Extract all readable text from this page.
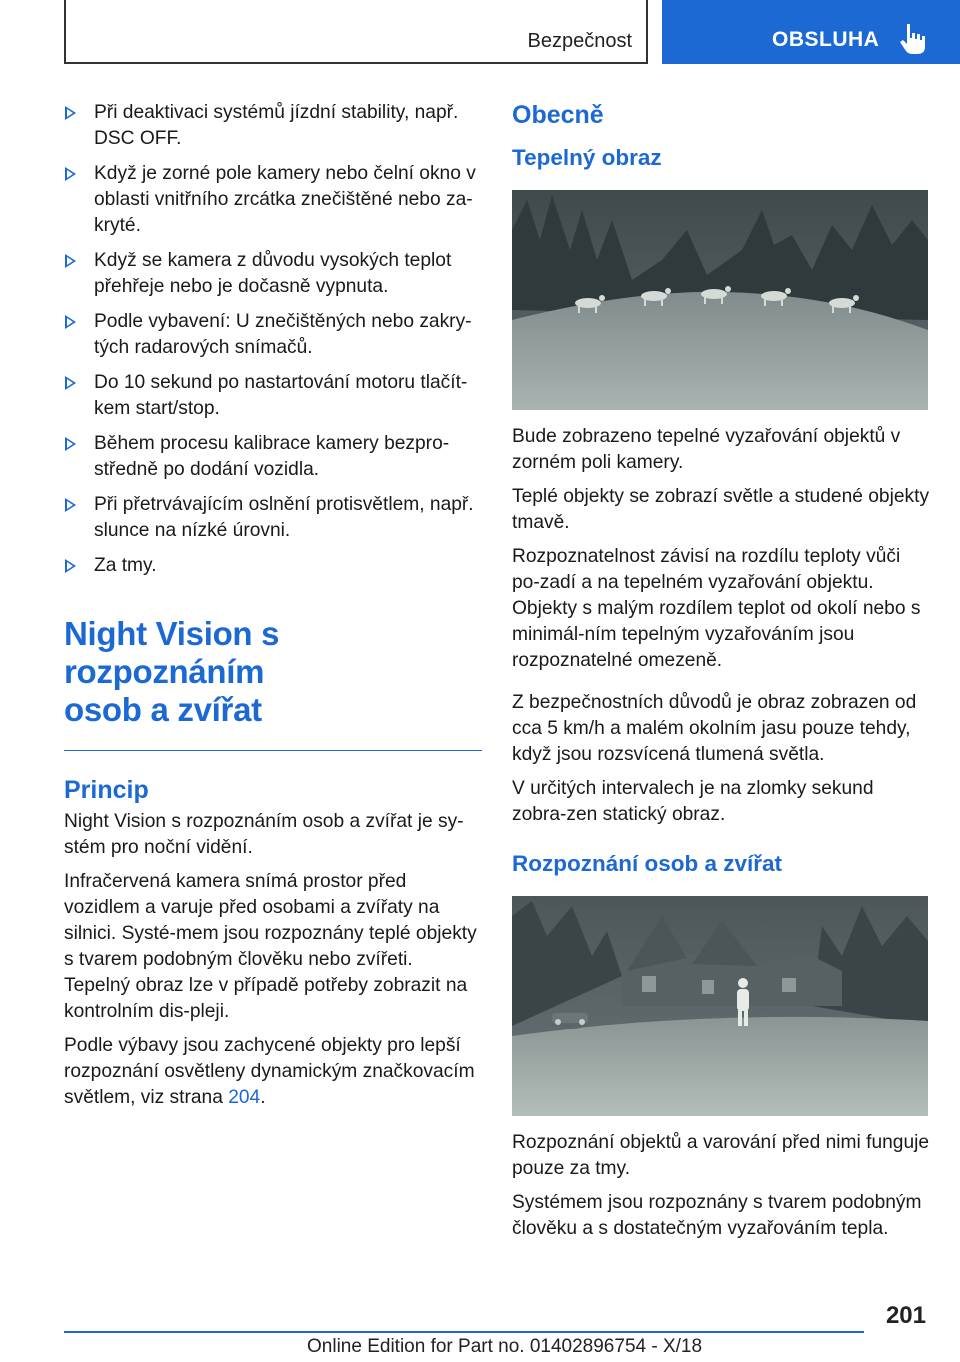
Bezpečnost	OBSLUHA
Při deaktivaci systémů jízdní stability, např. DSC OFF.
Když je zorné pole kamery nebo čelní okno v oblasti vnitřního zrcátka znečištěné nebo za-kryté.
Když se kamera z důvodu vysokých teplot přehřeje nebo je dočasně vypnuta.
Podle vybavení: U znečištěných nebo zakry-tých radarových snímačů.
Do 10 sekund po nastartování motoru tlačít-kem start/stop.
Během procesu kalibrace kamery bezpro-středně po dodání vozidla.
Při přetrvávajícím oslnění protisvětlem, např. slunce na nízké úrovni.
Za tmy.
Night Vision s rozpoznáním
osob a zvířat
Princip

Night Vision s rozpoznáním osob a zvířat je sy-stém pro noční vidění.

Infračervená kamera snímá prostor před vozidlem a varuje před osobami a zvířaty na silnici. Systé-mem jsou rozpoznány teplé objekty s tvarem podobným člověku nebo zvířeti. Tepelný obraz lze v případě potřeby zobrazit na kontrolním dis-pleji.

Podle výbavy jsou zachycené objekty pro lepší rozpoznání osvětleny dynamickým značkovacím světlem, viz strana 204.

Obecně
Tepelný obraz

Bude zobrazeno tepelné vyzařování objektů v zorném poli kamery.

Teplé objekty se zobrazí světle a studené objekty tmavě.

Rozpoznatelnost závisí na rozdílu teploty vůči po-zadí a na tepelném vyzařování objektu. Objekty s malým rozdílem teplot od okolí nebo s minimál-ním tepelným vyzařováním jsou rozpoznatelné omezeně.

Z bezpečnostních důvodů je obraz zobrazen od cca 5 km/h a malém okolním jasu pouze tehdy, když jsou rozsvícená tlumená světla.

V určitých intervalech je na zlomky sekund zobra-zen statický obraz.

Rozpoznání osob a zvířat

Rozpoznání objektů a varování před nimi funguje pouze za tmy.

Systémem jsou rozpoznány s tvarem podobným člověku a s dostatečným vyzařováním tepla.

201
Online Edition for Part no. 01402896754 - X/18
